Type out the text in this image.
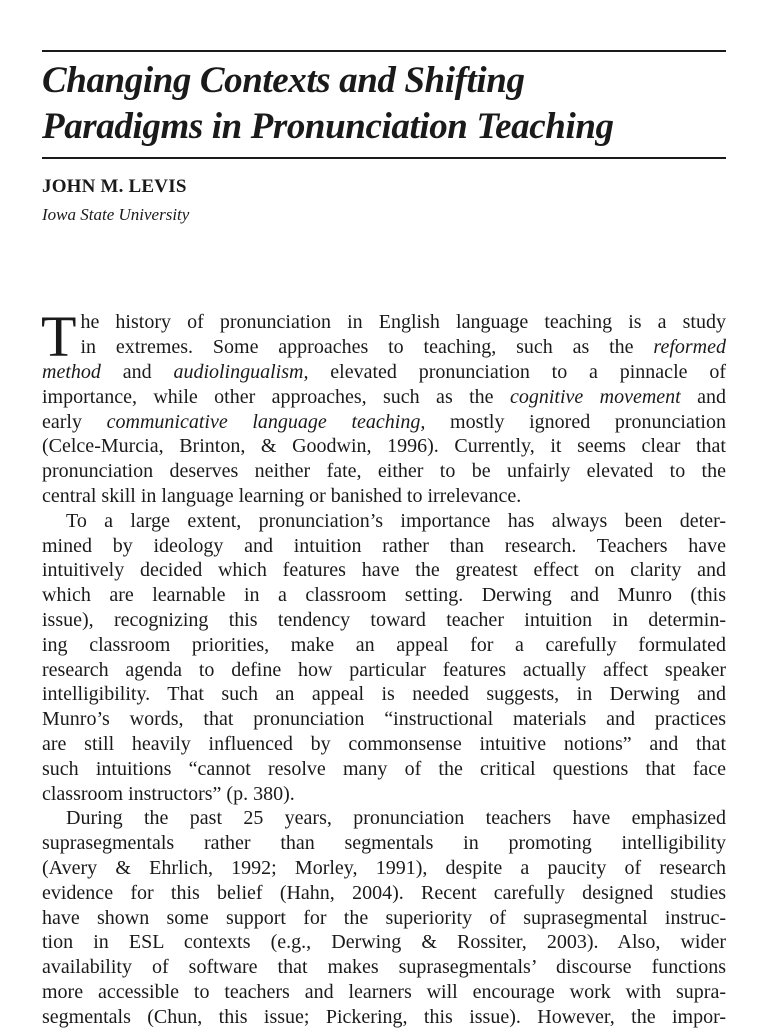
Changing Contexts and Shifting
Paradigms in Pronunciation Teaching

JOHN M. LEVIS

Iowa State University

T he history of pronunciation in English language teaching is a study
in extremes. Some approaches to teaching, such as the reformed
method and audiolingualism, elevated pronunciation to a pinnacle of
importance, while other approaches, such as the cognitive movement and
early communicative language teaching, mostly ignored pronunciation
(Celce-Murcia, Brinton, & Goodwin, 1996). Currently, it seems clear that
pronunciation deserves neither fate, either to be unfairly elevated to the
central skill in language learning or banished to irrelevance.

To a large extent, pronunciation’s importance has always been deter-
mined by ideology and intuition rather than research. Teachers have
intuitively decided which features have the greatest effect on clarity and
which are learnable in a classroom setting. Derwing and Munro (this
issue), recognizing this tendency toward teacher intuition in determin-
ing classroom priorities, make an appeal for a carefully formulated
research agenda to define how particular features actually affect speaker
intelligibility. That such an appeal is needed suggests, in Derwing and
Munro’s words, that pronunciation “instructional materials and practices
are still heavily influenced by commonsense intuitive notions” and that
such intuitions “cannot resolve many of the critical questions that face
classroom instructors” (p. 380).

During the past 25 years, pronunciation teachers have emphasized
suprasegmentals rather than segmentals in promoting intelligibility
(Avery & Ehrlich, 1992; Morley, 1991), despite a paucity of research
evidence for this belief (Hahn, 2004). Recent carefully designed studies
have shown some support for the superiority of suprasegmental instruc-
tion in ESL contexts (e.g., Derwing & Rossiter, 2003). Also, wider
availability of software that makes suprasegmentals’ discourse functions
more accessible to teachers and learners will encourage work with supra-
segmentals (Chun, this issue; Pickering, this issue). However, the impor-
